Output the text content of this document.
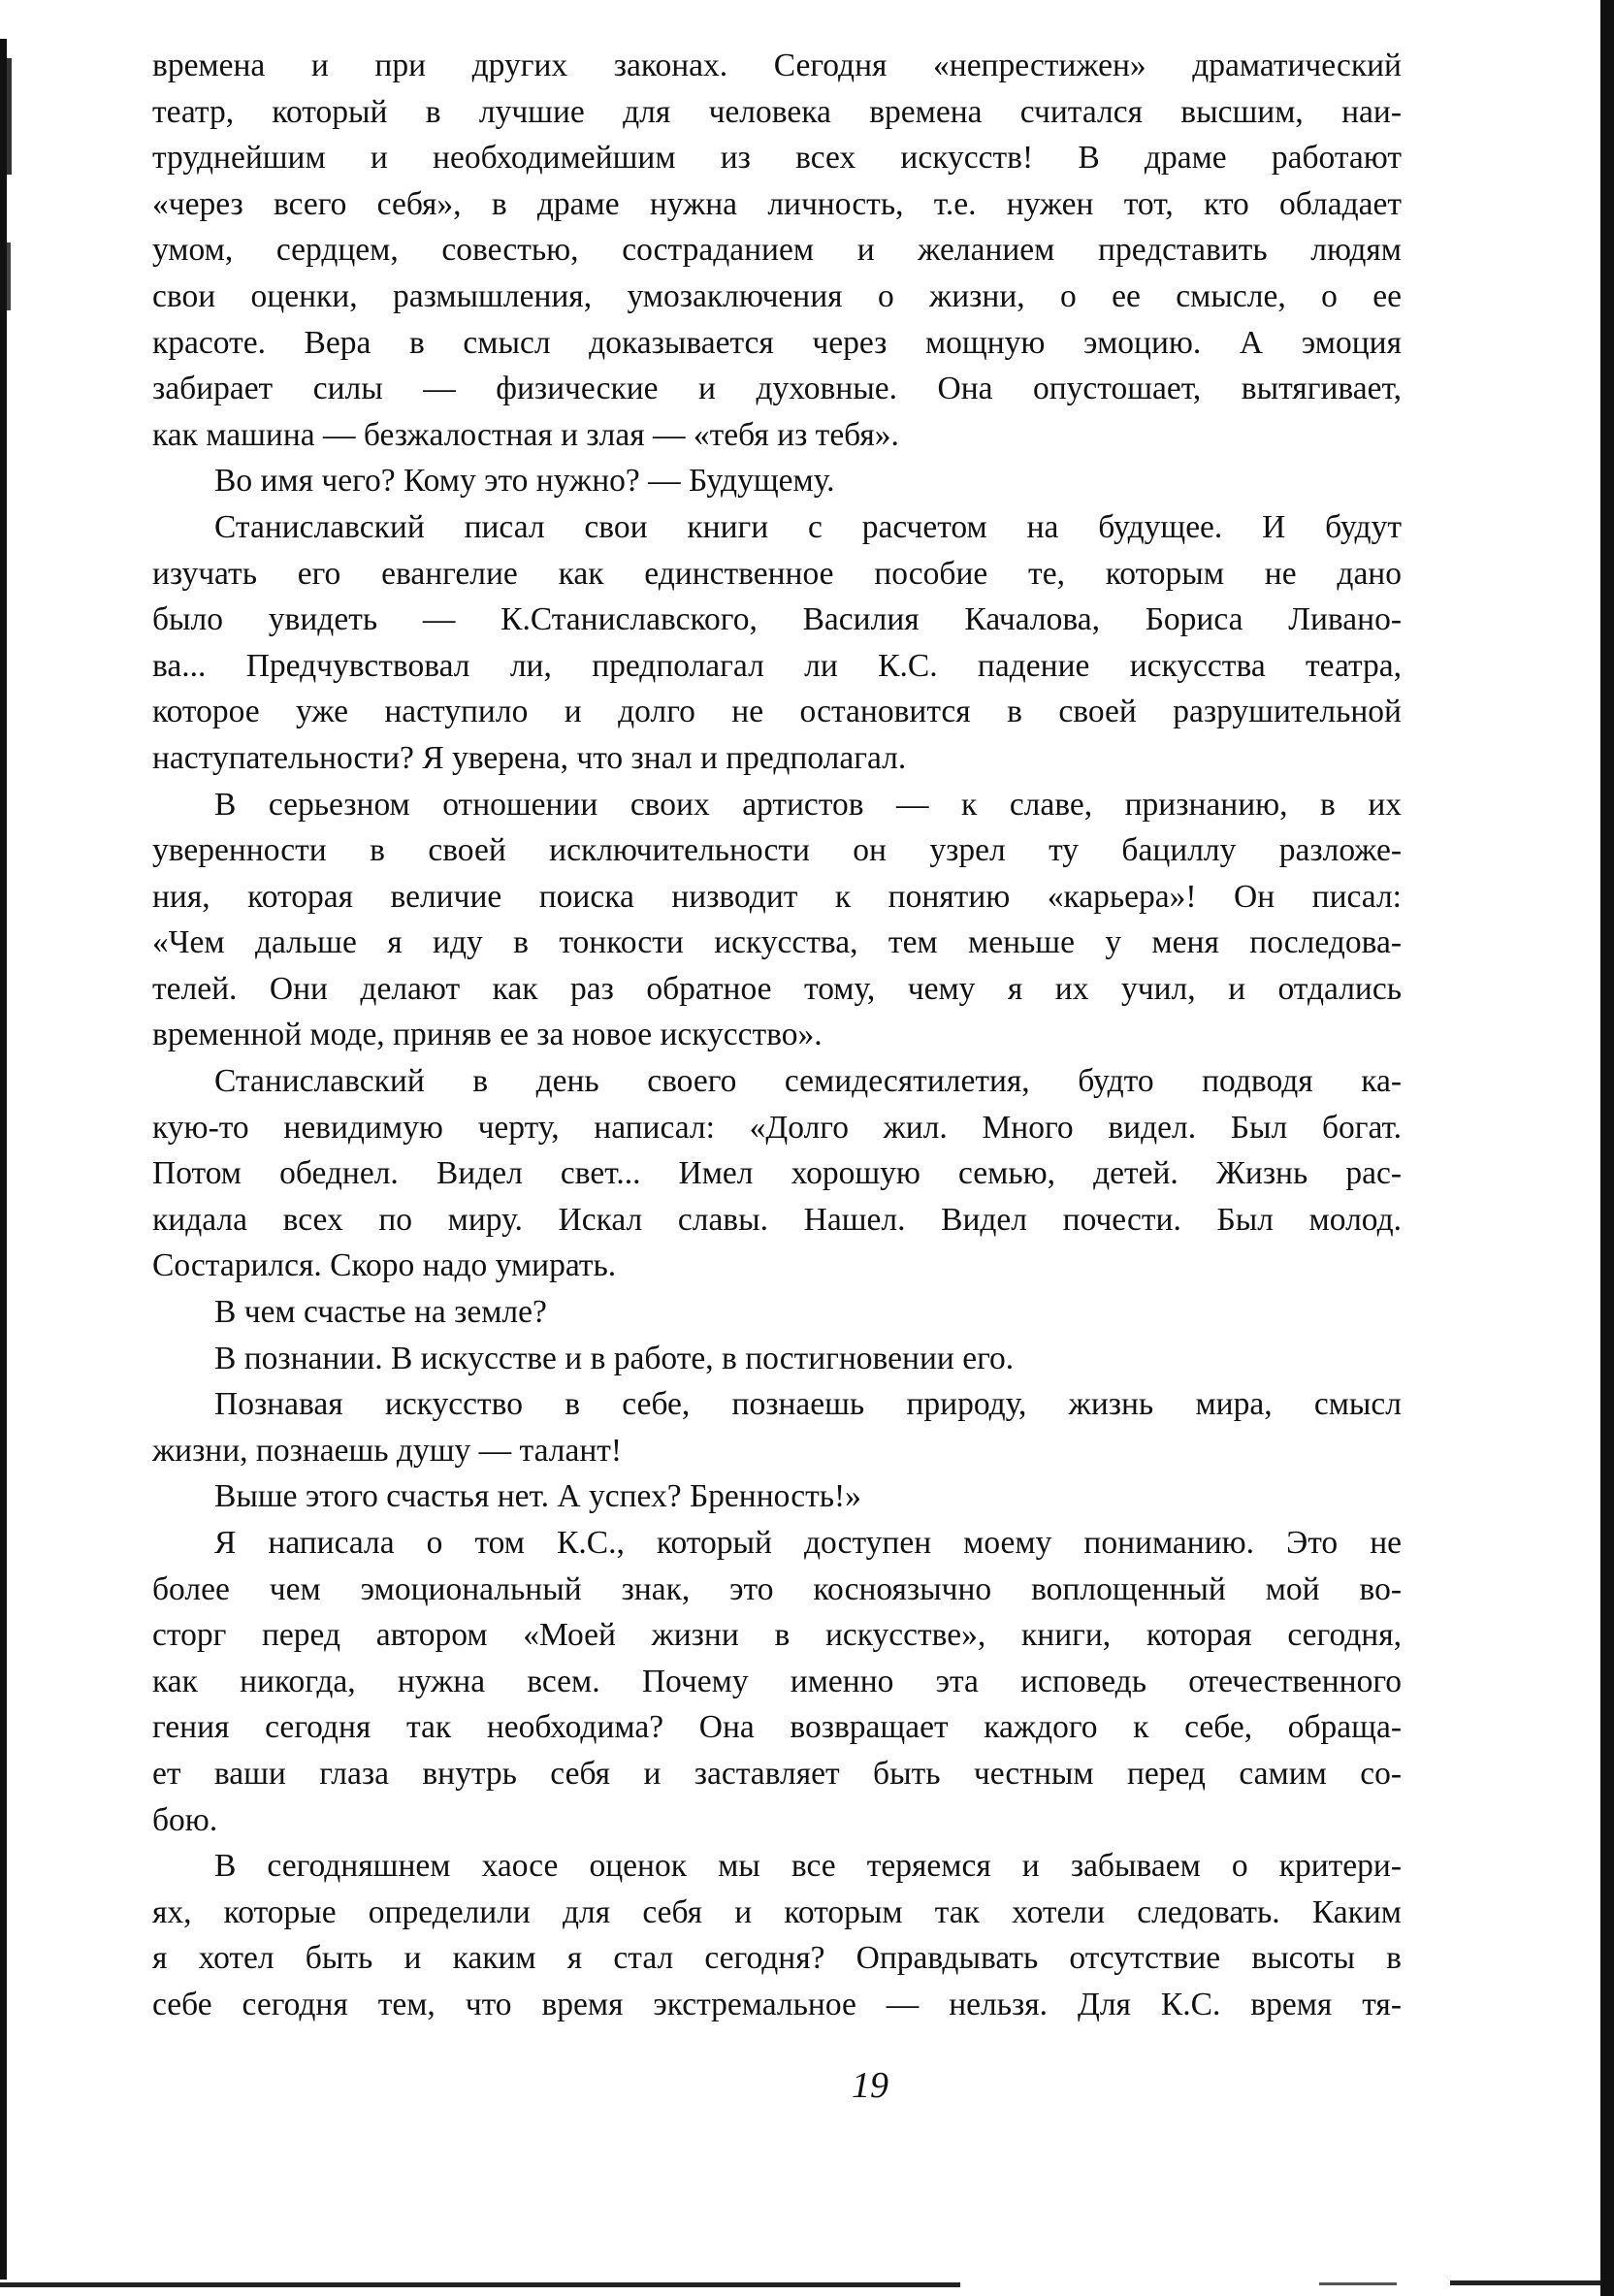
времена и при других законах. Сегодня «непрестижен» драматический
театр, который в лучшие для человека времена считался высшим, наи-
труднейшим и необходимейшим из всех искусств! В драме работают
«через всего себя», в драме нужна личность, т.е. нужен тот, кто обладает
умом, сердцем, совестью, состраданием и желанием представить людям
свои оценки, размышления, умозаключения о жизни, о ее смысле, о ее
красоте. Вера в смысл доказывается через мощную эмоцию. А эмоция
забирает силы — физические и духовные. Она опустошает, вытягивает,
как машина — безжалостная и злая — «тебя из тебя».
Во имя чего? Кому это нужно? — Будущему.
Станиславский писал свои книги с расчетом на будущее. И будут
изучать его евангелие как единственное пособие те, которым не дано
было увидеть — К.Станиславского, Василия Качалова, Бориса Ливано-
ва... Предчувствовал ли, предполагал ли К.С. падение искусства театра,
которое уже наступило и долго не остановится в своей разрушительной
наступательности? Я уверена, что знал и предполагал.
В серьезном отношении своих артистов — к славе, признанию, в их
уверенности в своей исключительности он узрел ту бациллу разложе-
ния, которая величие поиска низводит к понятию «карьера»! Он писал:
«Чем дальше я иду в тонкости искусства, тем меньше у меня последова-
телей. Они делают как раз обратное тому, чему я их учил, и отдались
временной моде, приняв ее за новое искусство».
Станиславский в день своего семидесятилетия, будто подводя ка-
кую-то невидимую черту, написал: «Долго жил. Много видел. Был богат.
Потом обеднел. Видел свет... Имел хорошую семью, детей. Жизнь рас-
кидала всех по миру. Искал славы. Нашел. Видел почести. Был молод.
Состарился. Скоро надо умирать.
В чем счастье на земле?
В познании. В искусстве и в работе, в постигновении его.
Познавая искусство в себе, познаешь природу, жизнь мира, смысл
жизни, познаешь душу — талант!
Выше этого счастья нет. А успех? Бренность!»
Я написала о том К.С., который доступен моему пониманию. Это не
более чем эмоциональный знак, это косноязычно воплощенный мой во-
сторг перед автором «Моей жизни в искусстве», книги, которая сегодня,
как никогда, нужна всем. Почему именно эта исповедь отечественного
гения сегодня так необходима? Она возвращает каждого к себе, обраща-
ет ваши глаза внутрь себя и заставляет быть честным перед самим со-
бою.
В сегодняшнем хаосе оценок мы все теряемся и забываем о критери-
ях, которые определили для себя и которым так хотели следовать. Каким
я хотел быть и каким я стал сегодня? Оправдывать отсутствие высоты в
себе сегодня тем, что время экстремальное — нельзя. Для К.С. время тя-
19
